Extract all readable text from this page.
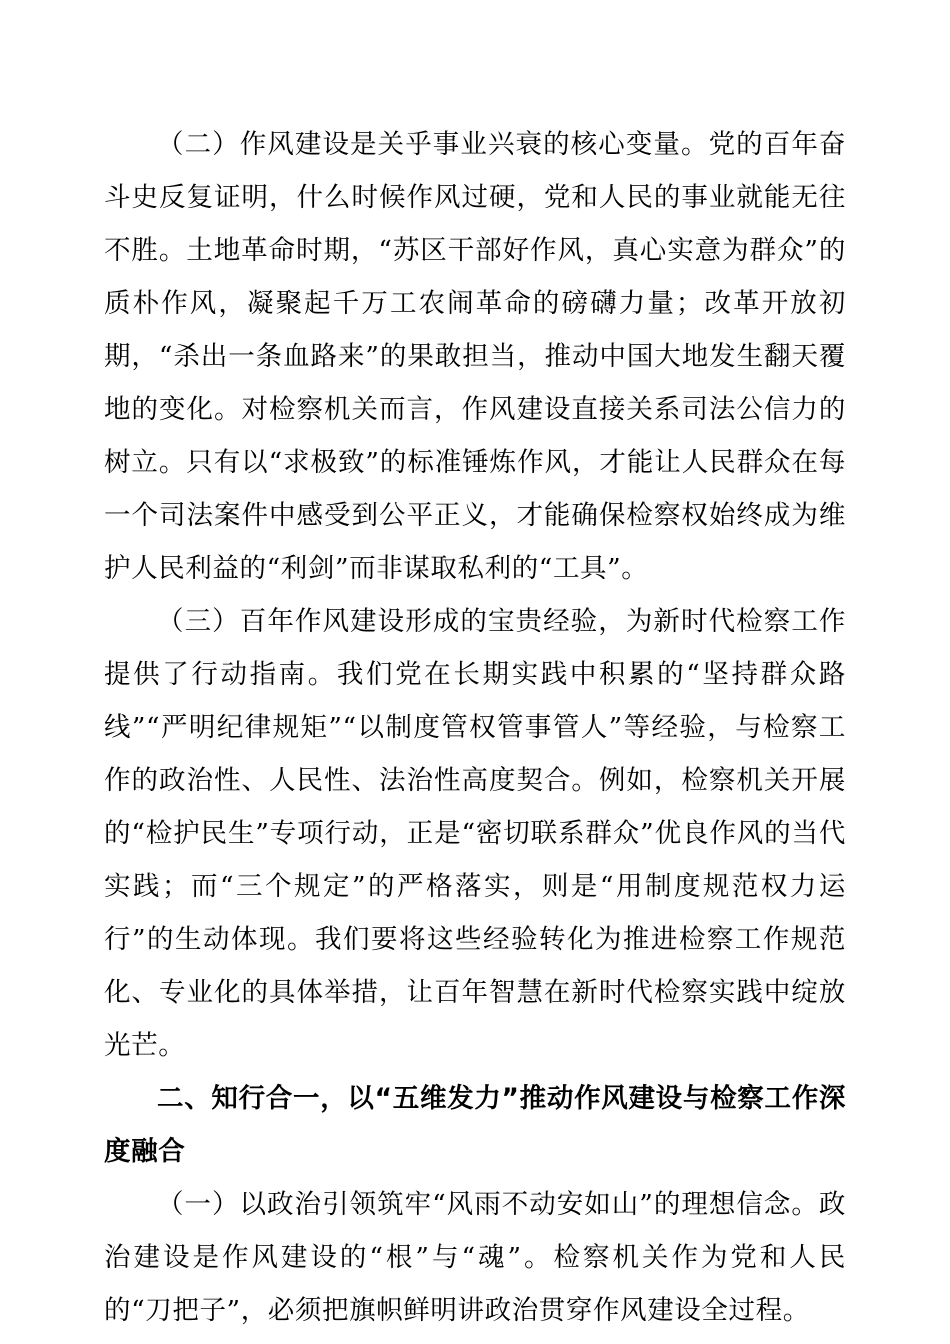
（二）作风建设是关乎事业兴衰的核心变量。党的百年奋斗史反复证明，什么时候作风过硬，党和人民的事业就能无往不胜。土地革命时期，“苏区干部好作风，真心实意为群众”的质朴作风，凝聚起千万工农闹革命的磅礴力量；改革开放初期，“杀出一条血路来”的果敢担当，推动中国大地发生翻天覆地的变化。对检察机关而言，作风建设直接关系司法公信力的树立。只有以“求极致”的标准锤炼作风，才能让人民群众在每一个司法案件中感受到公平正义，才能确保检察权始终成为维护人民利益的“利剑”而非谋取私利的“工具”。

（三）百年作风建设形成的宝贵经验，为新时代检察工作提供了行动指南。我们党在长期实践中积累的“坚持群众路线”“严明纪律规矩”“以制度管权管事管人”等经验，与检察工作的政治性、人民性、法治性高度契合。例如，检察机关开展的“检护民生”专项行动，正是“密切联系群众”优良作风的当代实践；而“三个规定”的严格落实，则是“用制度规范权力运行”的生动体现。我们要将这些经验转化为推进检察工作规范化、专业化的具体举措，让百年智慧在新时代检察实践中绽放光芒。

二、知行合一，以“五维发力”推动作风建设与检察工作深度融合

（一）以政治引领筑牢“风雨不动安如山”的理想信念。政治建设是作风建设的“根”与“魂”。检察机关作为党和人民的“刀把子”，必须把旗帜鲜明讲政治贯穿作风建设全过程。
